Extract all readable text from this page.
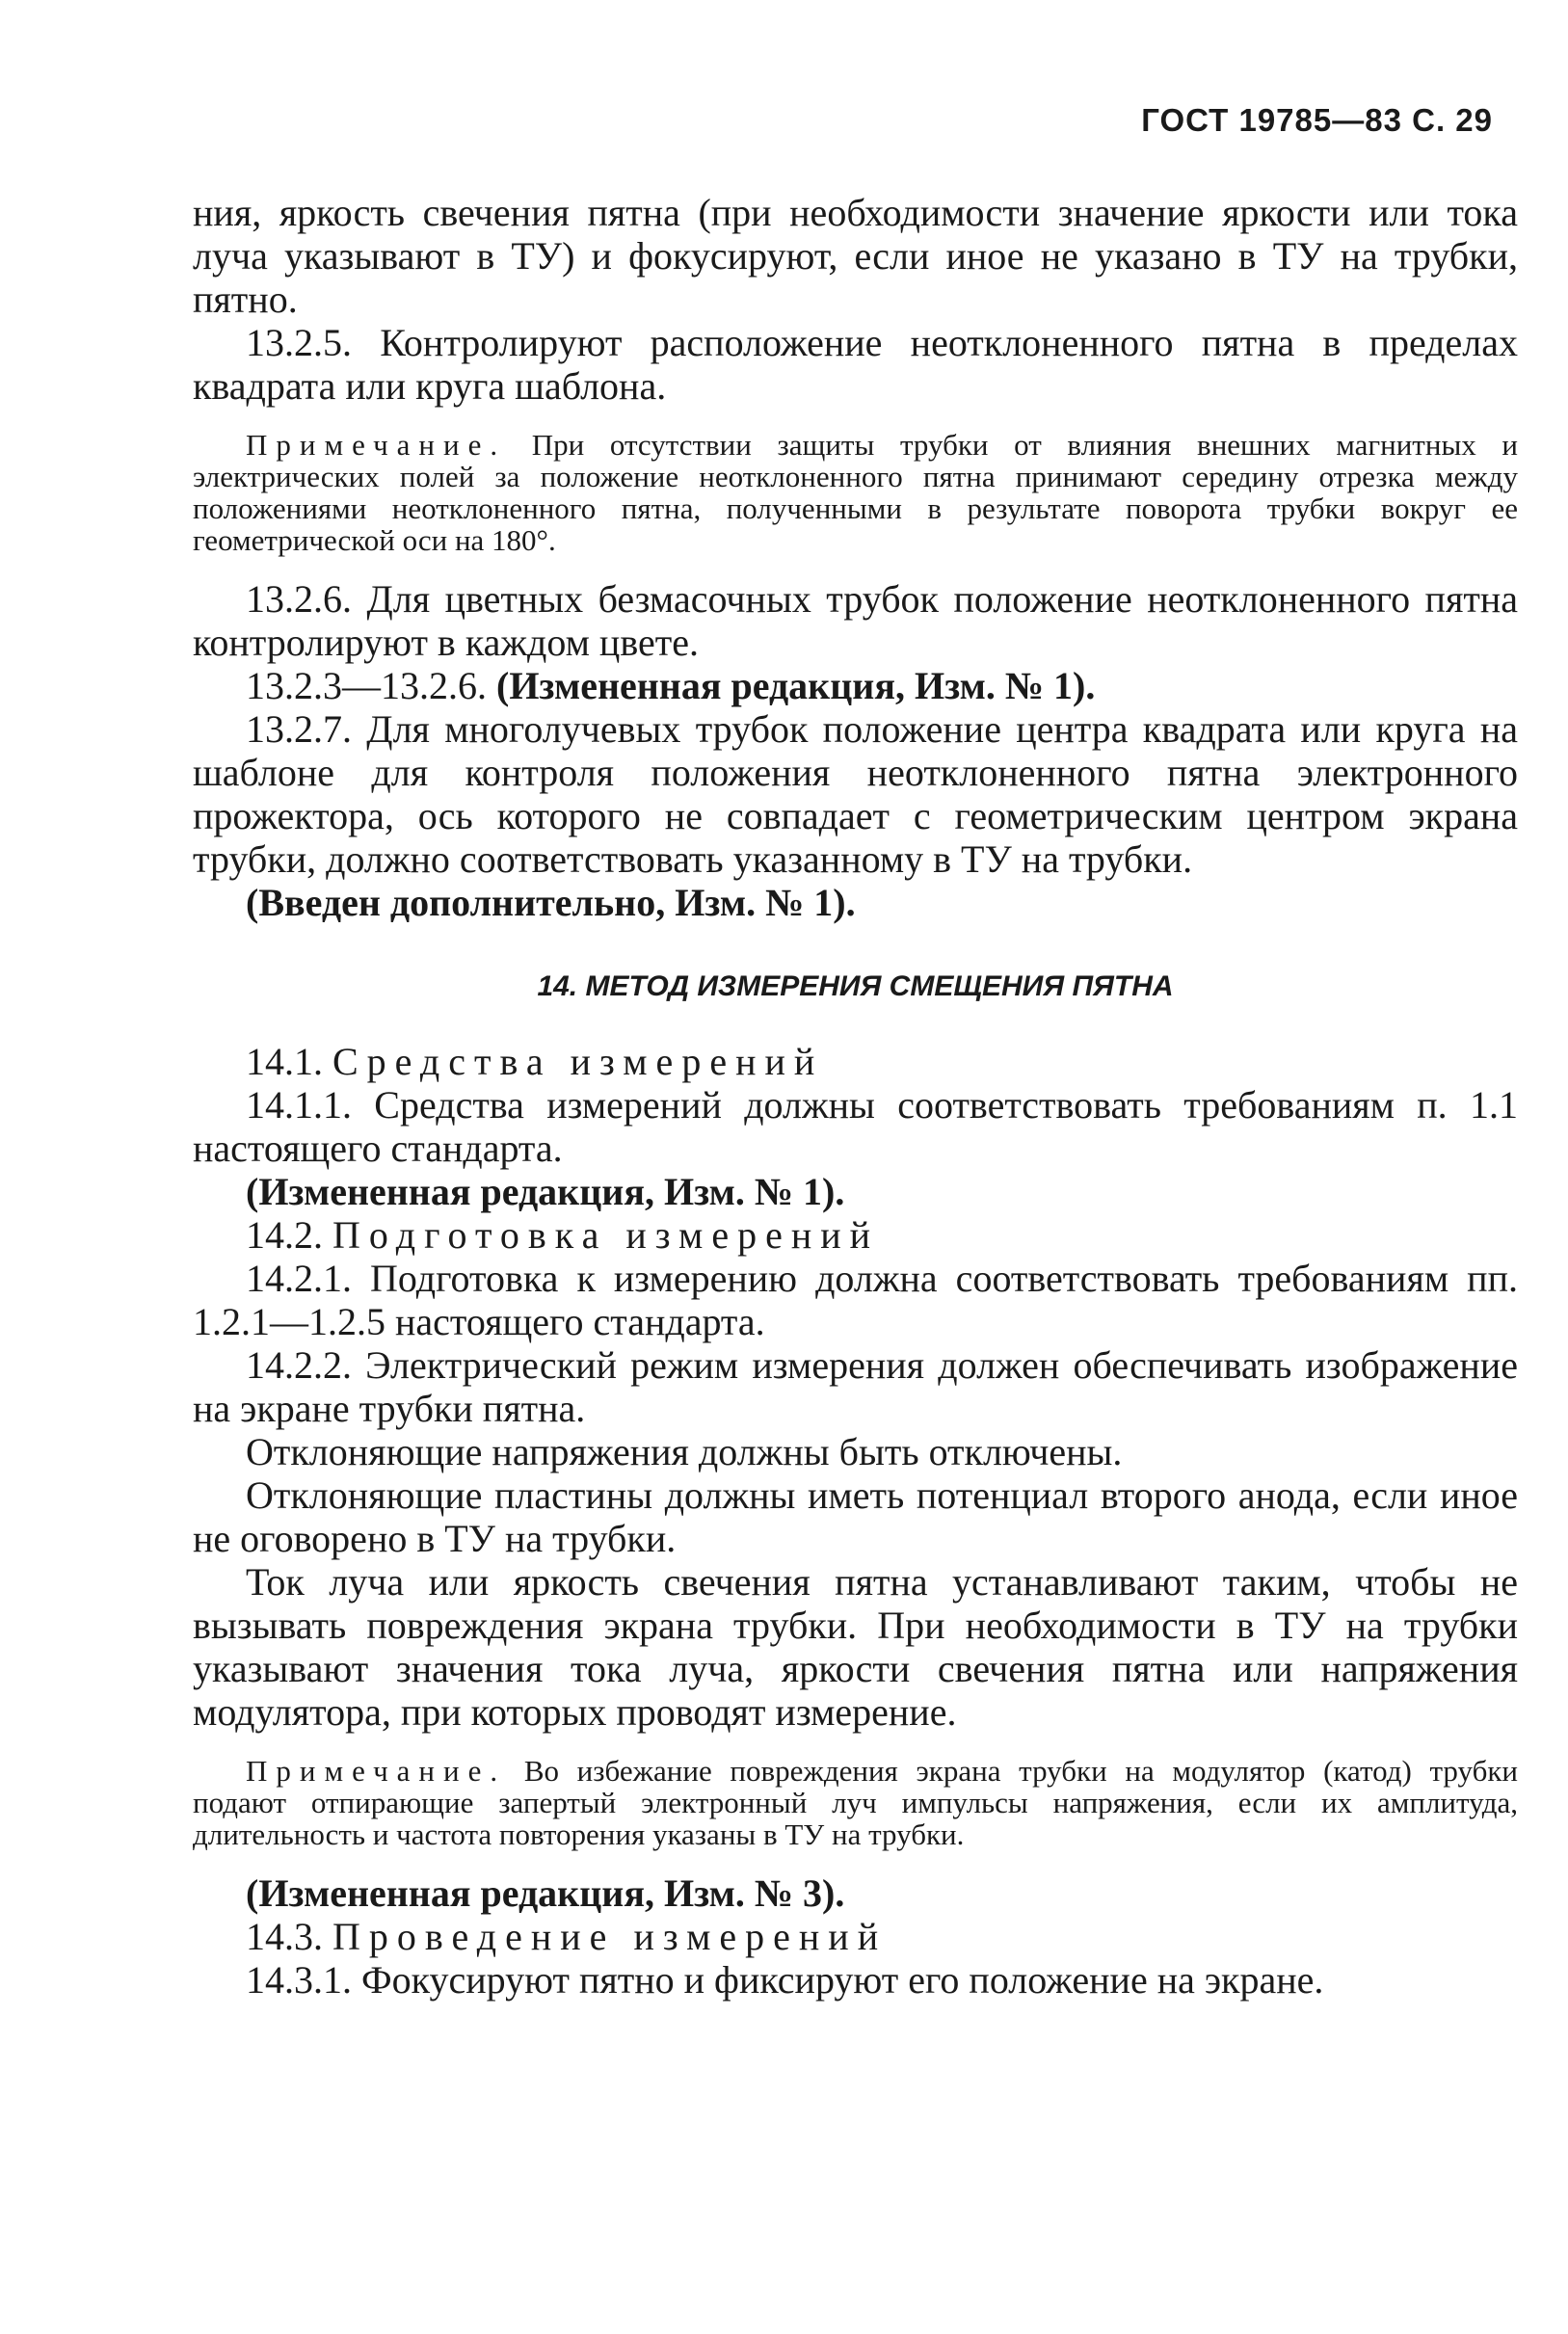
ГОСТ 19785—83 С. 29

ния, яркость свечения пятна (при необходимости значение яркости или тока луча указывают в ТУ) и фокусируют, если иное не указано в ТУ на трубки, пятно.

13.2.5. Контролируют расположение неотклоненного пятна в пределах квадрата или круга шаблона.

Примечание. При отсутствии защиты трубки от влияния внешних магнитных и электрических полей за положение неотклоненного пятна принимают середину отрезка между положениями неотклоненного пятна, полученными в результате поворота трубки вокруг ее геометрической оси на 180°.

13.2.6. Для цветных безмасочных трубок положение неотклоненного пятна контролируют в каждом цвете.

13.2.3—13.2.6. (Измененная редакция, Изм. № 1).

13.2.7. Для многолучевых трубок положение центра квадрата или круга на шаблоне для контроля положения неотклоненного пятна электронного прожектора, ось которого не совпадает с геометрическим центром экрана трубки, должно соответствовать указанному в ТУ на трубки.

(Введен дополнительно, Изм. № 1).

14. МЕТОД ИЗМЕРЕНИЯ СМЕЩЕНИЯ ПЯТНА

14.1. Средства измерений

14.1.1. Средства измерений должны соответствовать требованиям п. 1.1 настоящего стандарта.

(Измененная редакция, Изм. № 1).

14.2. Подготовка измерений

14.2.1. Подготовка к измерению должна соответствовать требованиям пп. 1.2.1—1.2.5 настоящего стандарта.

14.2.2. Электрический режим измерения должен обеспечивать изображение на экране трубки пятна.

Отклоняющие напряжения должны быть отключены.

Отклоняющие пластины должны иметь потенциал второго анода, если иное не оговорено в ТУ на трубки.

Ток луча или яркость свечения пятна устанавливают таким, чтобы не вызывать повреждения экрана трубки. При необходимости в ТУ на трубки указывают значения тока луча, яркости свечения пятна или напряжения модулятора, при которых проводят измерение.

Примечание. Во избежание повреждения экрана трубки на модулятор (катод) трубки подают отпирающие запертый электронный луч импульсы напряжения, если их амплитуда, длительность и частота повторения указаны в ТУ на трубки.

(Измененная редакция, Изм. № 3).

14.3. Проведение измерений

14.3.1. Фокусируют пятно и фиксируют его положение на экране.
